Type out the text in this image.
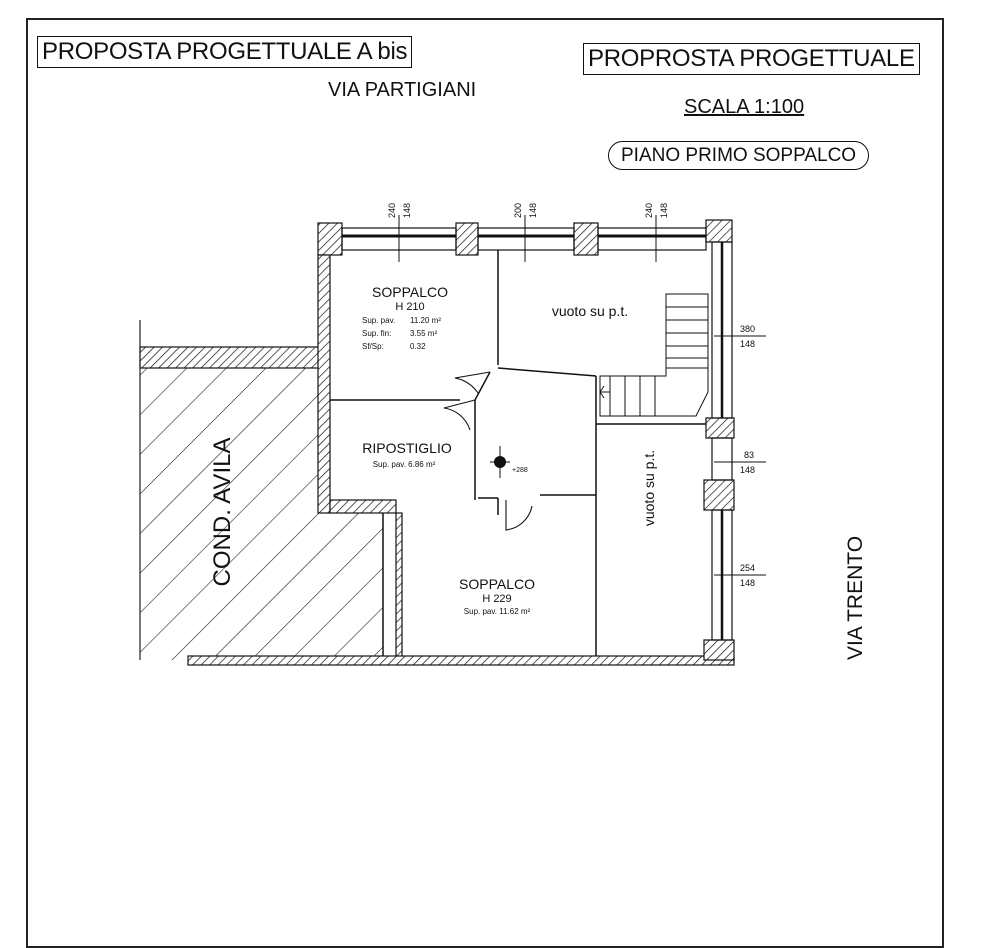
PROPOSTA PROGETTUALE A bis	PROPROSTA PROGETTUALE
VIA PARTIGIANI
SCALA 1:100
PIANO PRIMO SOPPALCO
SOPPALCO
H 210
Sup. pav. 11.20 m²
Sup. fin: 3.55 m²
Sf/Sp:	0.32
vuoto su p.t.
RIPOSTIGLIO
Sup. pav. 6.86 m²
+288	vuoto su p.t.
SOPPALCO
H 229
Sup. pav. 11.62 m²
COND. AVILA
VIA TRENTO
240 148	200 148	240 148
380
148
83
148
254
148
